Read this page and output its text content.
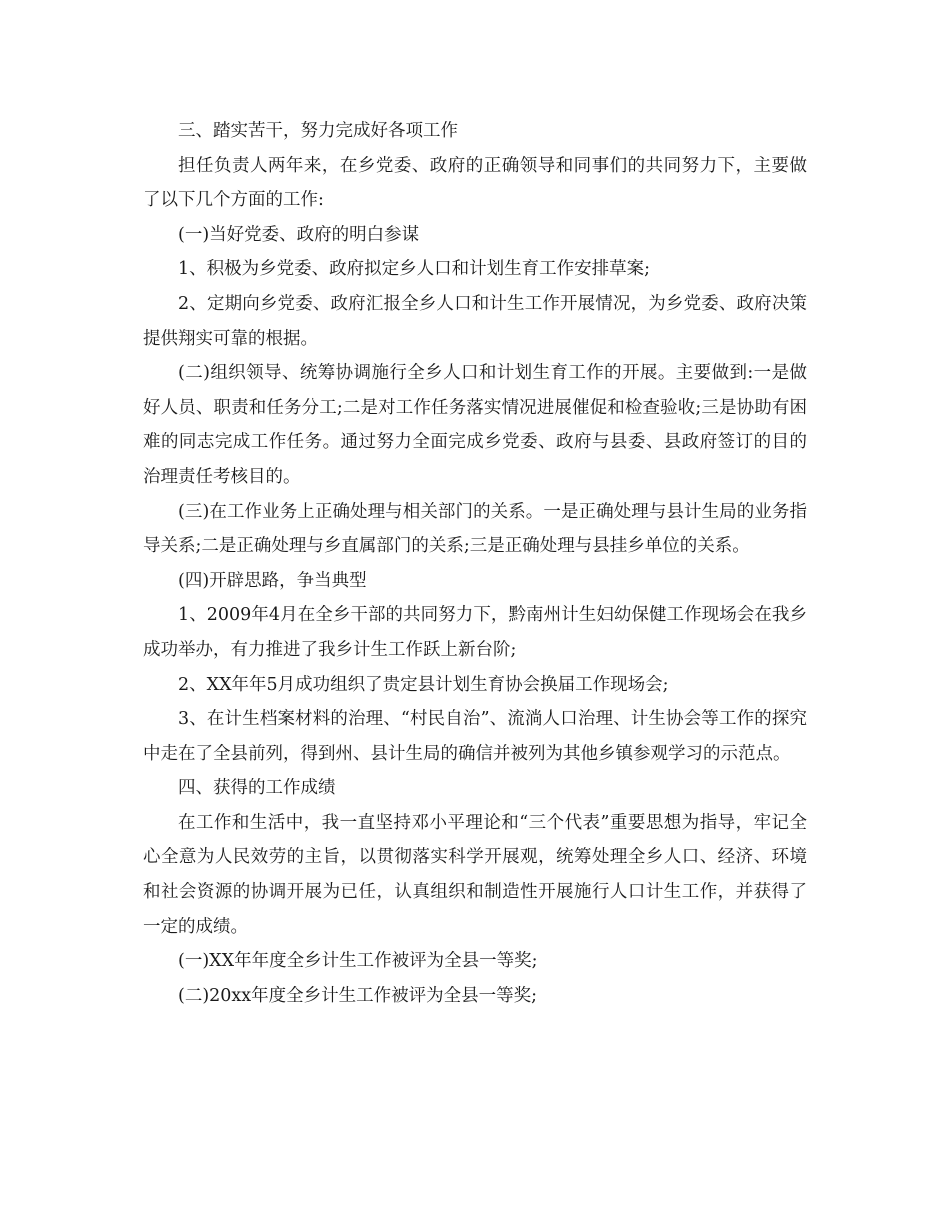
三、踏实苦干，努力完成好各项工作

担任负责人两年来，在乡党委、政府的正确领导和同事们的共同努力下，主要做了以下几个方面的工作:

(一)当好党委、政府的明白参谋

1、积极为乡党委、政府拟定乡人口和计划生育工作安排草案;

2、定期向乡党委、政府汇报全乡人口和计生工作开展情况，为乡党委、政府决策提供翔实可靠的根据。

(二)组织领导、统筹协调施行全乡人口和计划生育工作的开展。主要做到:一是做好人员、职责和任务分工;二是对工作任务落实情况进展催促和检查验收;三是协助有困难的同志完成工作任务。通过努力全面完成乡党委、政府与县委、县政府签订的目的治理责任考核目的。

(三)在工作业务上正确处理与相关部门的关系。一是正确处理与县计生局的业务指导关系;二是正确处理与乡直属部门的关系;三是正确处理与县挂乡单位的关系。

(四)开辟思路，争当典型

1、2009年4月在全乡干部的共同努力下，黔南州计生妇幼保健工作现场会在我乡成功举办，有力推进了我乡计生工作跃上新台阶;

2、XX年年5月成功组织了贵定县计划生育协会换届工作现场会;

3、在计生档案材料的治理、“村民自治”、流淌人口治理、计生协会等工作的探究中走在了全县前列，得到州、县计生局的确信并被列为其他乡镇参观学习的示范点。

四、获得的工作成绩

在工作和生活中，我一直坚持邓小平理论和“三个代表”重要思想为指导，牢记全心全意为人民效劳的主旨，以贯彻落实科学开展观，统筹处理全乡人口、经济、环境和社会资源的协调开展为已任，认真组织和制造性开展施行人口计生工作，并获得了一定的成绩。

(一)XX年年度全乡计生工作被评为全县一等奖;

(二)20xx年度全乡计生工作被评为全县一等奖;
